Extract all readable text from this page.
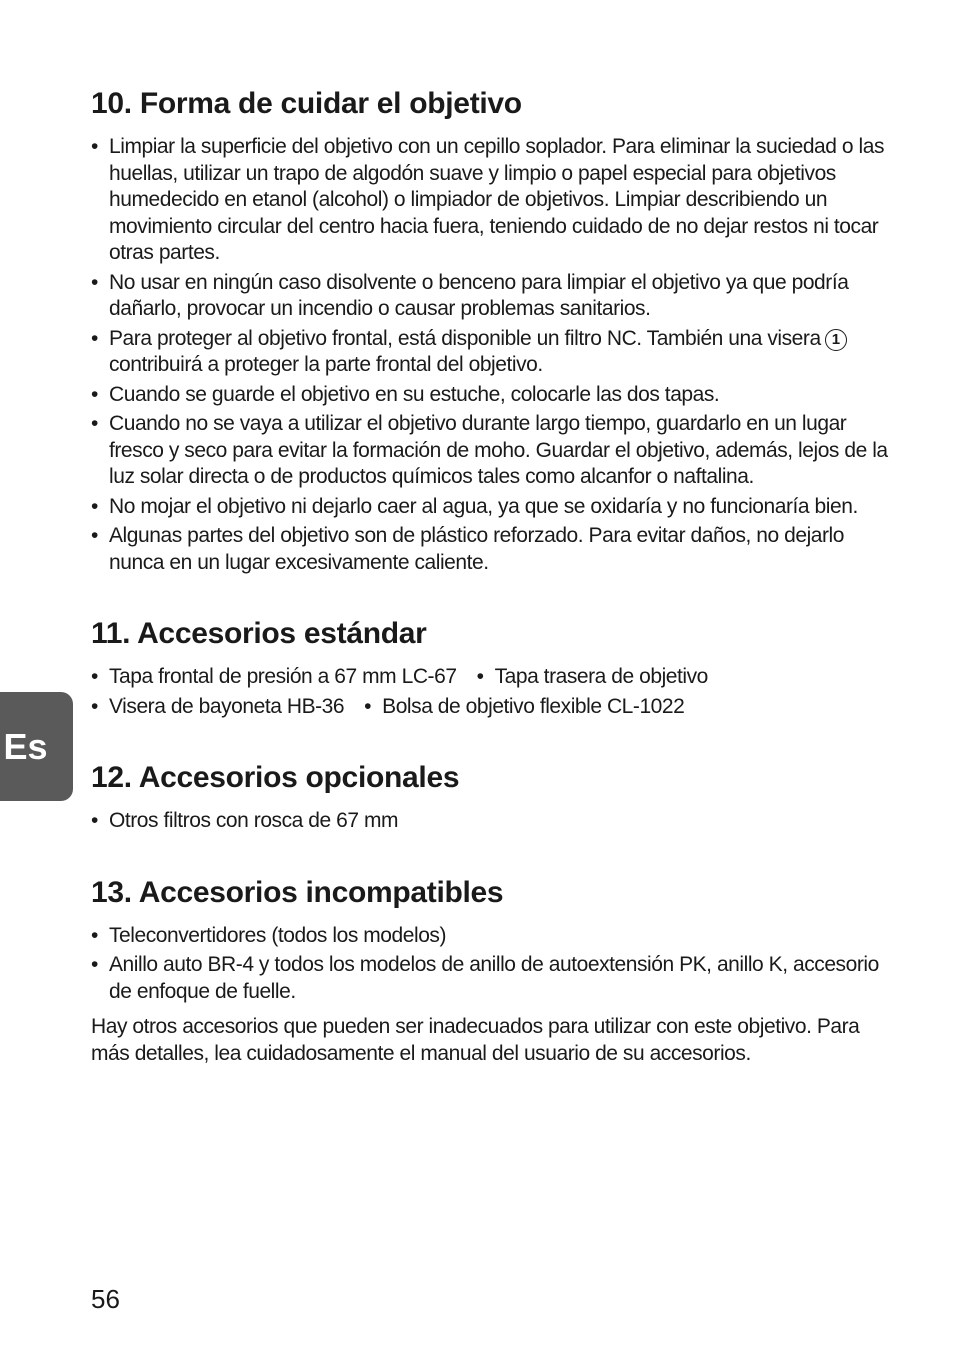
Es
10. Forma de cuidar el objetivo
• Limpiar la superficie del objetivo con un cepillo soplador. Para eliminar la suciedad o las huellas, utilizar un trapo de algodón suave y limpio o papel especial para objetivos humedecido en etanol (alcohol) o limpiador de objetivos. Limpiar describiendo un movimiento circular del centro hacia fuera, teniendo cuidado de no dejar restos ni tocar otras partes.
• No usar en ningún caso disolvente o benceno para limpiar el objetivo ya que podría dañarlo, provocar un incendio o causar problemas sanitarios.
• Para proteger al objetivo frontal, está disponible un filtro NC. También una visera 1
contribuirá a proteger la parte frontal del objetivo.
• Cuando se guarde el objetivo en su estuche, colocarle las dos tapas.
• Cuando no se vaya a utilizar el objetivo durante largo tiempo, guardarlo en un lugar fresco y seco para evitar la formación de moho. Guardar el objetivo, además, lejos de la luz solar directa o de productos químicos tales como alcanfor o naftalina.
• No mojar el objetivo ni dejarlo caer al agua, ya que se oxidaría y no funcionaría bien.
• Algunas partes del objetivo son de plástico reforzado. Para evitar daños, no dejarlo nunca en un lugar excesivamente caliente.
11. Accesorios estándar
• Tapa frontal de presión a 67 mm LC-67	• Tapa trasera de objetivo
• Visera de bayoneta HB-36	• Bolsa de objetivo flexible CL-1022
12. Accesorios opcionales
• Otros filtros con rosca de 67 mm
13. Accesorios incompatibles
• Teleconvertidores (todos los modelos)
• Anillo auto BR-4 y todos los modelos de anillo de autoextensión PK, anillo K, accesorio de enfoque de fuelle.

Hay otros accesorios que pueden ser inadecuados para utilizar con este objetivo. Para más detalles, lea cuidadosamente el manual del usuario de su accesorios.

56
